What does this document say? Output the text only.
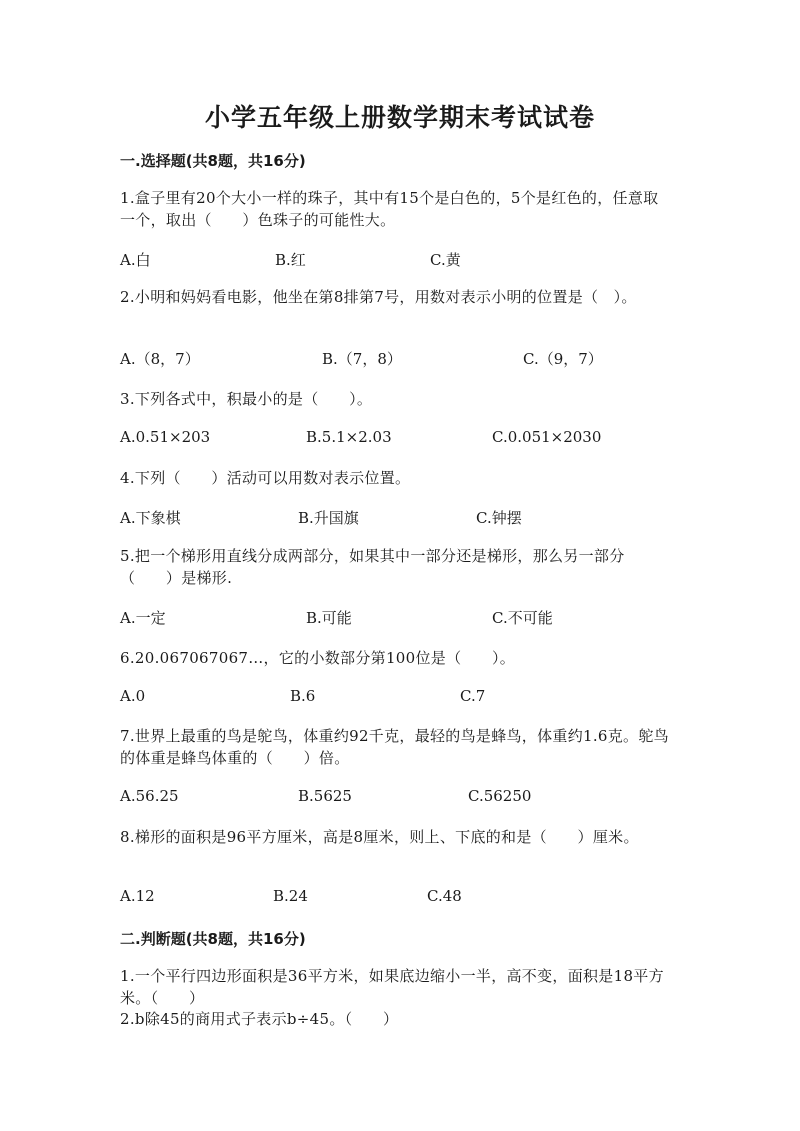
小学五年级上册数学期末考试试卷
一.选择题(共8题，共16分)
1.盒子里有20个大小一样的珠子，其中有15个是白色的，5个是红色的，任意取一个，取出（　　）色珠子的可能性大。
A.白	B.红	C.黄
2.小明和妈妈看电影，他坐在第8排第7号，用数对表示小明的位置是（　）。
A.（8，7）	B.（7，8）	C.（9，7）
3.下列各式中，积最小的是（　　）。
A.0.51×203	B.5.1×2.03	C.0.051×2030
4.下列（　　）活动可以用数对表示位置。
A.下象棋	B.升国旗	C.钟摆
5.把一个梯形用直线分成两部分，如果其中一部分还是梯形，那么另一部分（　　）是梯形.
A.一定	B.可能	C.不可能
6.20.067067067…，它的小数部分第100位是（　　）。
A.0	B.6	C.7
7.世界上最重的鸟是鸵鸟，体重约92千克，最轻的鸟是蜂鸟，体重约1.6克。鸵鸟的体重是蜂鸟体重的（　　）倍。
A.56.25	B.5625	C.56250
8.梯形的面积是96平方厘米，高是8厘米，则上、下底的和是（　　）厘米。
A.12	B.24	C.48
二.判断题(共8题，共16分)
1.一个平行四边形面积是36平方米，如果底边缩小一半，高不变，面积是18平方米。（　　）
2.b除45的商用式子表示b÷45。（　　）
